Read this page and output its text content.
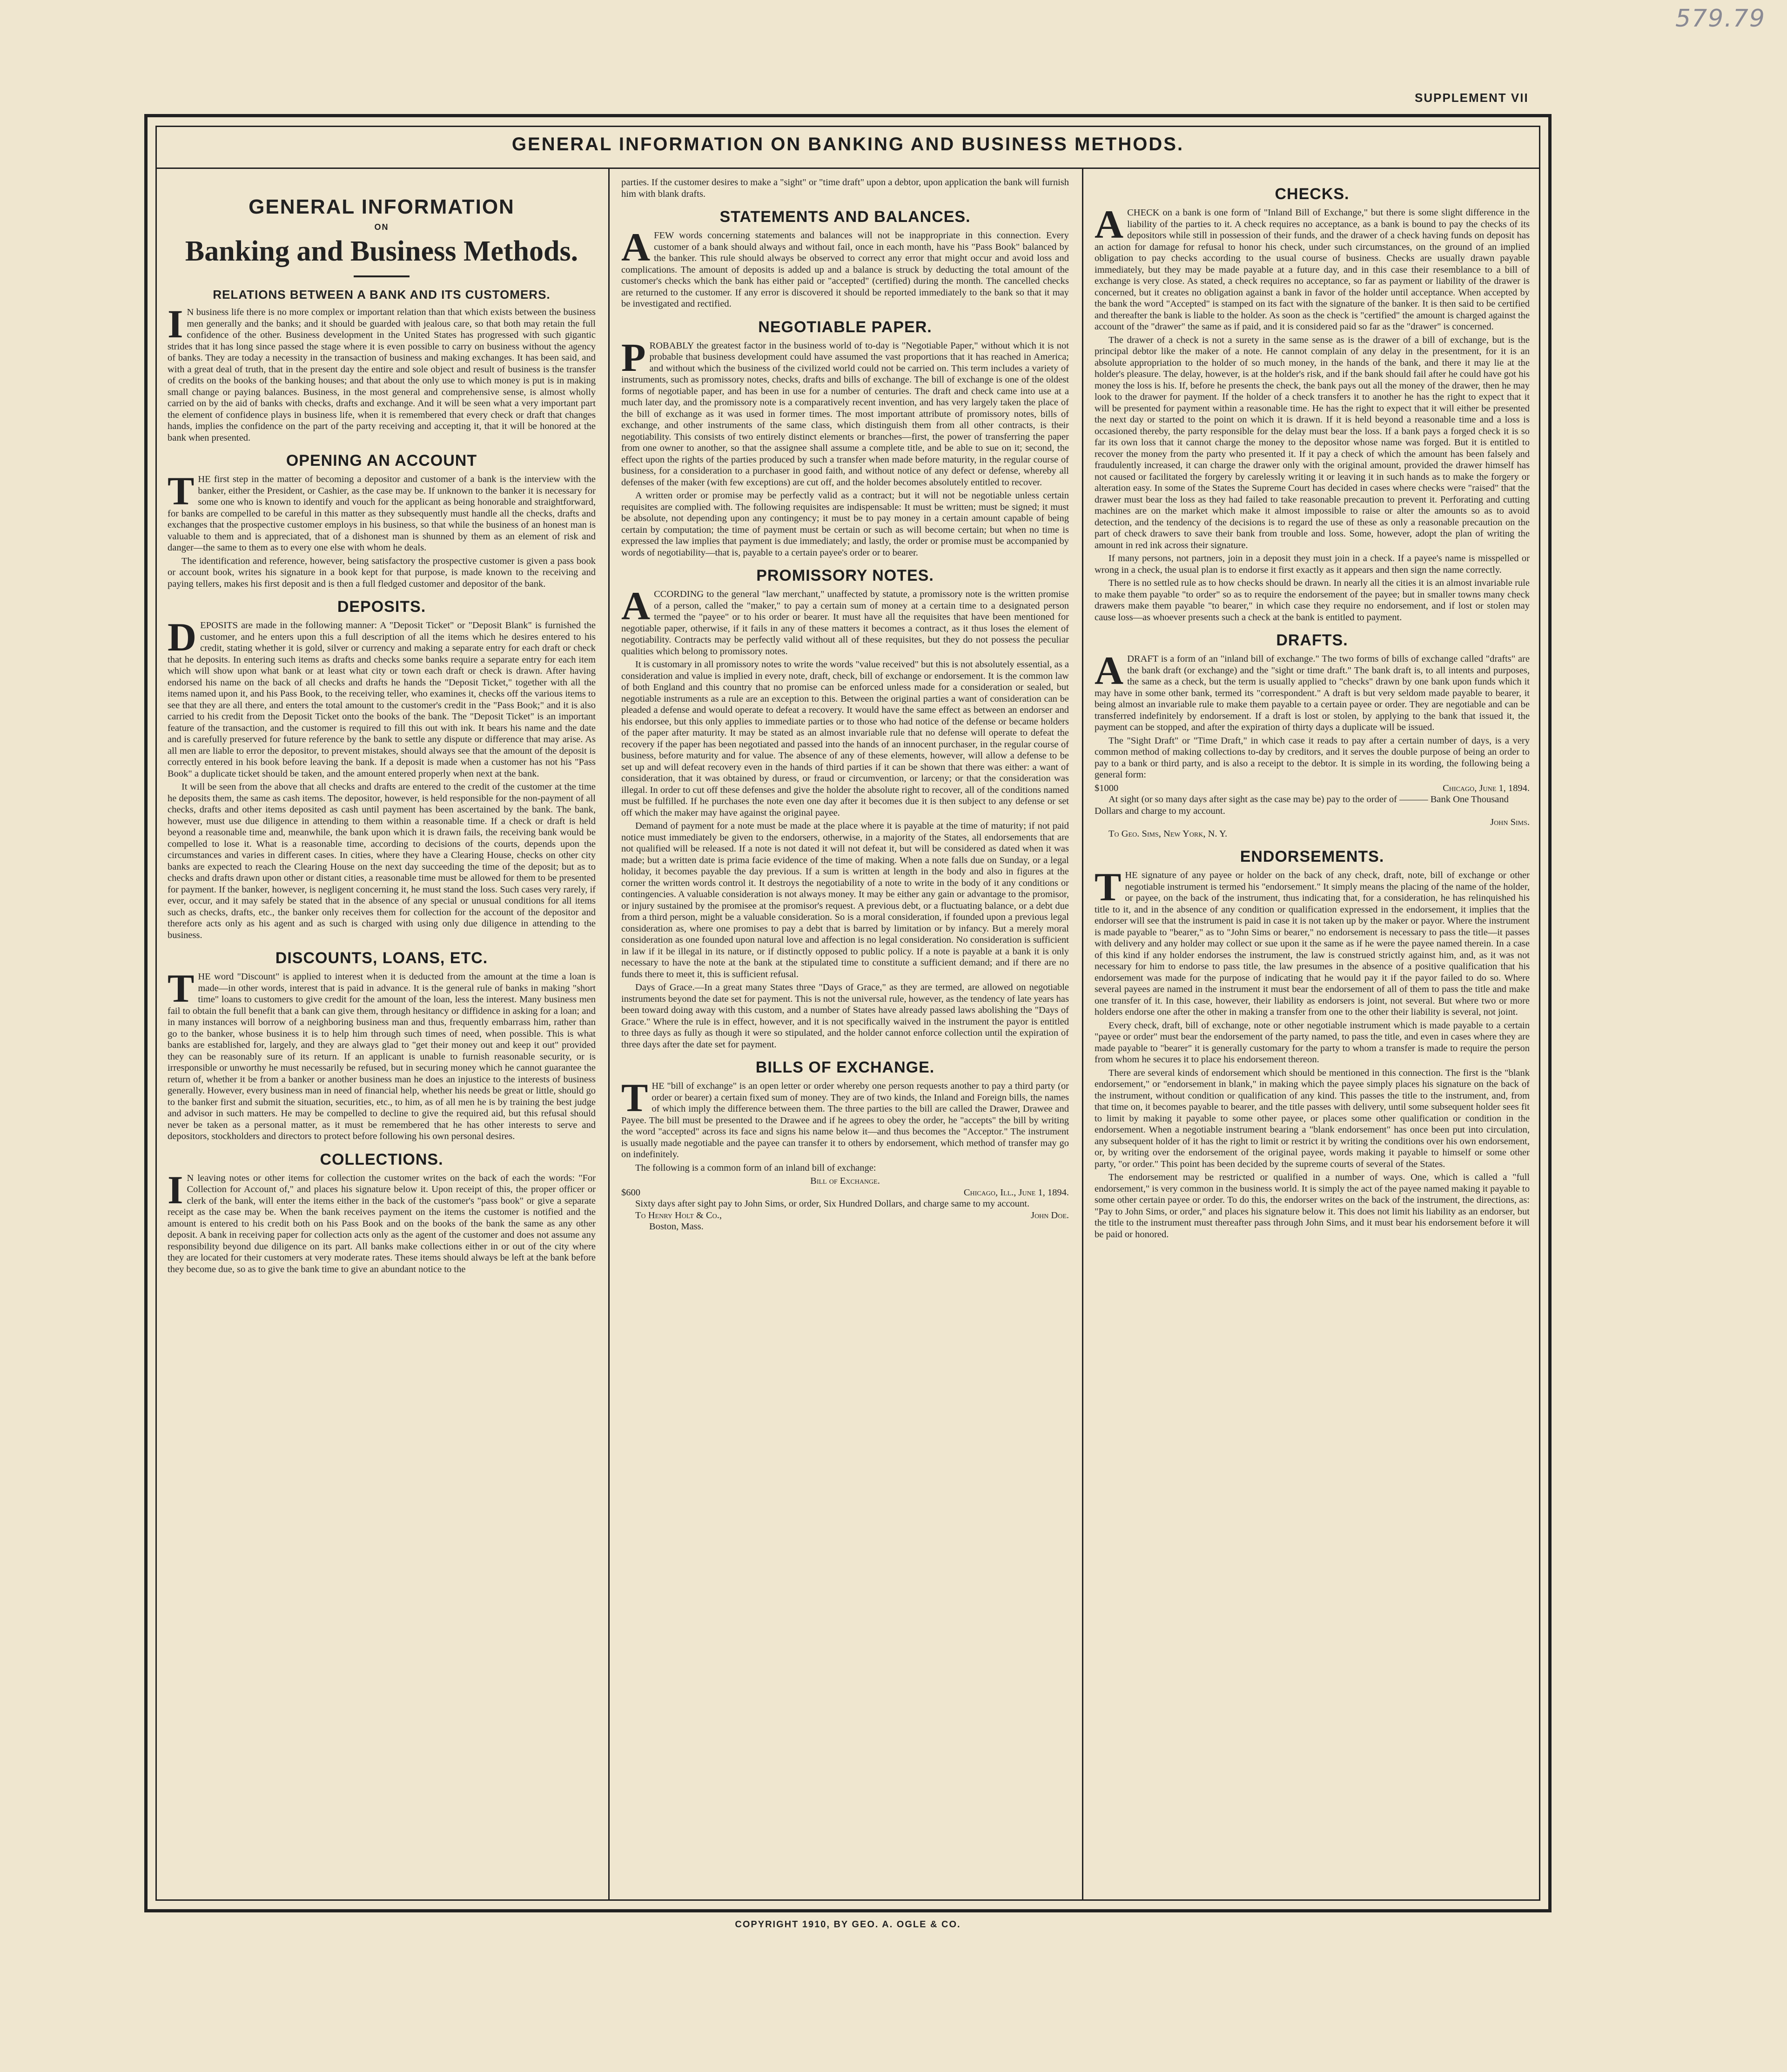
579.79
SUPPLEMENT VII
GENERAL INFORMATION ON BANKING AND BUSINESS METHODS.
GENERAL INFORMATION
ON
Banking and Business Methods.
RELATIONS BETWEEN A BANK AND ITS CUSTOMERS.
I N business life there is no more complex or important relation than that which exists between the business men generally and the banks; and it should be guarded with jealous care, so that both may retain the full confidence of the other. Business development in the United States has progressed with such gigantic strides that it has long since passed the stage where it is even possible to carry on business without the agency of banks. They are today a necessity in the transaction of business and making exchanges. It has been said, and with a great deal of truth, that in the present day the entire and sole object and result of business is the transfer of credits on the books of the banking houses; and that about the only use to which money is put is in making small change or paying balances. Business, in the most general and comprehensive sense, is almost wholly carried on by the aid of banks with checks, drafts and exchange. And it will be seen what a very important part the element of confidence plays in business life, when it is remembered that every check or draft that changes hands, implies the confidence on the part of the party receiving and accepting it, that it will be honored at the bank when presented.

OPENING AN ACCOUNT
T HE first step in the matter of becoming a depositor and customer of a bank is the interview with the banker, either the President, or Cashier, as the case may be. If unknown to the banker it is necessary for some one who is known to identify and vouch for the applicant as being honorable and straightforward, for banks are compelled to be careful in this matter as they subsequently must handle all the checks, drafts and exchanges that the prospective customer employs in his business, so that while the business of an honest man is valuable to them and is appreciated, that of a dishonest man is shunned by them as an element of risk and danger—the same to them as to every one else with whom he deals.

The identification and reference, however, being satisfactory the prospective customer is given a pass book or account book, writes his signature in a book kept for that purpose, is made known to the receiving and paying tellers, makes his first deposit and is then a full fledged customer and depositor of the bank.

DEPOSITS.
D EPOSITS are made in the following manner: A "Deposit Ticket" or "Deposit Blank" is furnished the customer, and he enters upon this a full description of all the items which he desires entered to his credit, stating whether it is gold, silver or currency and making a separate entry for each draft or check that he deposits. In entering such items as drafts and checks some banks require a separate entry for each item which will show upon what bank or at least what city or town each draft or check is drawn. After having endorsed his name on the back of all checks and drafts he hands the "Deposit Ticket," together with all the items named upon it, and his Pass Book, to the receiving teller, who examines it, checks off the various items to see that they are all there, and enters the total amount to the customer's credit in the "Pass Book;" and it is also carried to his credit from the Deposit Ticket onto the books of the bank. The "Deposit Ticket" is an important feature of the transaction, and the customer is required to fill this out with ink. It bears his name and the date and is carefully preserved for future reference by the bank to settle any dispute or difference that may arise. As all men are liable to error the depositor, to prevent mistakes, should always see that the amount of the deposit is correctly entered in his book before leaving the bank. If a deposit is made when a customer has not his "Pass Book" a duplicate ticket should be taken, and the amount entered properly when next at the bank.

It will be seen from the above that all checks and drafts are entered to the credit of the customer at the time he deposits them, the same as cash items. The depositor, however, is held responsible for the non-payment of all checks, drafts and other items deposited as cash until payment has been ascertained by the bank. The bank, however, must use due diligence in attending to them within a reasonable time. If a check or draft is held beyond a reasonable time and, meanwhile, the bank upon which it is drawn fails, the receiving bank would be compelled to lose it. What is a reasonable time, according to decisions of the courts, depends upon the circumstances and varies in different cases. In cities, where they have a Clearing House, checks on other city banks are expected to reach the Clearing House on the next day succeeding the time of the deposit; but as to checks and drafts drawn upon other or distant cities, a reasonable time must be allowed for them to be presented for payment. If the banker, however, is negligent concerning it, he must stand the loss. Such cases very rarely, if ever, occur, and it may safely be stated that in the absence of any special or unusual conditions for all items such as checks, drafts, etc., the banker only receives them for collection for the account of the depositor and therefore acts only as his agent and as such is charged with using only due diligence in attending to the business.

DISCOUNTS, LOANS, ETC.
T HE word "Discount" is applied to interest when it is deducted from the amount at the time a loan is made—in other words, interest that is paid in advance. It is the general rule of banks in making "short time" loans to customers to give credit for the amount of the loan, less the interest. Many business men fail to obtain the full benefit that a bank can give them, through hesitancy or diffidence in asking for a loan; and in many instances will borrow of a neighboring business man and thus, frequently embarrass him, rather than go to the banker, whose business it is to help him through such times of need, when possible. This is what banks are established for, largely, and they are always glad to "get their money out and keep it out" provided they can be reasonably sure of its return. If an applicant is unable to furnish reasonable security, or is irresponsible or unworthy he must necessarily be refused, but in securing money which he cannot guarantee the return of, whether it be from a banker or another business man he does an injustice to the interests of business generally. However, every business man in need of financial help, whether his needs be great or little, should go to the banker first and submit the situation, securities, etc., to him, as of all men he is by training the best judge and advisor in such matters. He may be compelled to decline to give the required aid, but this refusal should never be taken as a personal matter, as it must be remembered that he has other interests to serve and depositors, stockholders and directors to protect before following his own personal desires.

COLLECTIONS.
I N leaving notes or other items for collection the customer writes on the back of each the words: "For Collection for Account of," and places his signature below it. Upon receipt of this, the proper officer or clerk of the bank, will enter the items either in the back of the customer's "pass book" or give a separate receipt as the case may be. When the bank receives payment on the items the customer is notified and the amount is entered to his credit both on his Pass Book and on the books of the bank the same as any other deposit. A bank in receiving paper for collection acts only as the agent of the customer and does not assume any responsibility beyond due diligence on its part. All banks make collections either in or out of the city where they are located for their customers at very moderate rates. These items should always be left at the bank before they become due, so as to give the bank time to give an abundant notice to the

parties. If the customer desires to make a "sight" or "time draft" upon a debtor, upon application the bank will furnish him with blank drafts.

STATEMENTS AND BALANCES.
A FEW words concerning statements and balances will not be inappropriate in this connection. Every customer of a bank should always and without fail, once in each month, have his "Pass Book" balanced by the banker. This rule should always be observed to correct any error that might occur and avoid loss and complications. The amount of deposits is added up and a balance is struck by deducting the total amount of the customer's checks which the bank has either paid or "accepted" (certified) during the month. The cancelled checks are returned to the customer. If any error is discovered it should be reported immediately to the bank so that it may be investigated and rectified.

NEGOTIABLE PAPER.
P ROBABLY the greatest factor in the business world of to-day is "Negotiable Paper," without which it is not probable that business development could have assumed the vast proportions that it has reached in America; and without which the business of the civilized world could not be carried on. This term includes a variety of instruments, such as promissory notes, checks, drafts and bills of exchange. The bill of exchange is one of the oldest forms of negotiable paper, and has been in use for a number of centuries. The draft and check came into use at a much later day, and the promissory note is a comparatively recent invention, and has very largely taken the place of the bill of exchange as it was used in former times. The most important attribute of promissory notes, bills of exchange, and other instruments of the same class, which distinguish them from all other contracts, is their negotiability. This consists of two entirely distinct elements or branches—first, the power of transferring the paper from one owner to another, so that the assignee shall assume a complete title, and be able to sue on it; second, the effect upon the rights of the parties produced by such a transfer when made before maturity, in the regular course of business, for a consideration to a purchaser in good faith, and without notice of any defect or defense, whereby all defenses of the maker (with few exceptions) are cut off, and the holder becomes absolutely entitled to recover.

A written order or promise may be perfectly valid as a contract; but it will not be negotiable unless certain requisites are complied with. The following requisites are indispensable: It must be written; must be signed; it must be absolute, not depending upon any contingency; it must be to pay money in a certain amount capable of being certain by computation; the time of payment must be certain or such as will become certain; but when no time is expressed the law implies that payment is due immediately; and lastly, the order or promise must be accompanied by words of negotiability—that is, payable to a certain payee's order or to bearer.

PROMISSORY NOTES.
A CCORDING to the general "law merchant," unaffected by statute, a promissory note is the written promise of a person, called the "maker," to pay a certain sum of money at a certain time to a designated person termed the "payee" or to his order or bearer. It must have all the requisites that have been mentioned for negotiable paper, otherwise, if it fails in any of these matters it becomes a contract, as it thus loses the element of negotiability. Contracts may be perfectly valid without all of these requisites, but they do not possess the peculiar qualities which belong to promissory notes.

It is customary in all promissory notes to write the words "value received" but this is not absolutely essential, as a consideration and value is implied in every note, draft, check, bill of exchange or endorsement. It is the common law of both England and this country that no promise can be enforced unless made for a consideration or sealed, but negotiable instruments as a rule are an exception to this. Between the original parties a want of consideration can be pleaded a defense and would operate to defeat a recovery. It would have the same effect as between an endorser and his endorsee, but this only applies to immediate parties or to those who had notice of the defense or became holders of the paper after maturity. It may be stated as an almost invariable rule that no defense will operate to defeat the recovery if the paper has been negotiated and passed into the hands of an innocent purchaser, in the regular course of business, before maturity and for value. The absence of any of these elements, however, will allow a defense to be set up and will defeat recovery even in the hands of third parties if it can be shown that there was either: a want of consideration, that it was obtained by duress, or fraud or circumvention, or larceny; or that the consideration was illegal. In order to cut off these defenses and give the holder the absolute right to recover, all of the conditions named must be fulfilled. If he purchases the note even one day after it becomes due it is then subject to any defense or set off which the maker may have against the original payee.

Demand of payment for a note must be made at the place where it is payable at the time of maturity; if not paid notice must immediately be given to the endorsers, otherwise, in a majority of the States, all endorsements that are not qualified will be released. If a note is not dated it will not defeat it, but will be considered as dated when it was made; but a written date is prima facie evidence of the time of making. When a note falls due on Sunday, or a legal holiday, it becomes payable the day previous. If a sum is written at length in the body and also in figures at the corner the written words control it. It destroys the negotiability of a note to write in the body of it any conditions or contingencies. A valuable consideration is not always money. It may be either any gain or advantage to the promisor, or injury sustained by the promisee at the promisor's request. A previous debt, or a fluctuating balance, or a debt due from a third person, might be a valuable consideration. So is a moral consideration, if founded upon a previous legal consideration as, where one promises to pay a debt that is barred by limitation or by infancy. But a merely moral consideration as one founded upon natural love and affection is no legal consideration. No consideration is sufficient in law if it be illegal in its nature, or if distinctly opposed to public policy. If a note is payable at a bank it is only necessary to have the note at the bank at the stipulated time to constitute a sufficient demand; and if there are no funds there to meet it, this is sufficient refusal.

Days of Grace.—In a great many States three "Days of Grace," as they are termed, are allowed on negotiable instruments beyond the date set for payment. This is not the universal rule, however, as the tendency of late years has been toward doing away with this custom, and a number of States have already passed laws abolishing the "Days of Grace." Where the rule is in effect, however, and it is not specifically waived in the instrument the payor is entitled to three days as fully as though it were so stipulated, and the holder cannot enforce collection until the expiration of three days after the date set for payment.

BILLS OF EXCHANGE.
T HE "bill of exchange" is an open letter or order whereby one person requests another to pay a third party (or order or bearer) a certain fixed sum of money. They are of two kinds, the Inland and Foreign bills, the names of which imply the difference between them. The three parties to the bill are called the Drawer, Drawee and Payee. The bill must be presented to the Drawee and if he agrees to obey the order, he "accepts" the bill by writing the word "accepted" across its face and signs his name below it—and thus becomes the "Acceptor." The instrument is usually made negotiable and the payee can transfer it to others by endorsement, which method of transfer may go on indefinitely.

The following is a common form of an inland bill of exchange:

Bill of Exchange.
$600	Chicago, Ill., June 1, 1894.
Sixty days after sight pay to John Sims, or order, Six Hundred Dollars, and charge same to my account.
To Henry Holt & Co.,	John Doe.
Boston, Mass.
CHECKS.
A CHECK on a bank is one form of "Inland Bill of Exchange," but there is some slight difference in the liability of the parties to it. A check requires no acceptance, as a bank is bound to pay the checks of its depositors while still in possession of their funds, and the drawer of a check having funds on deposit has an action for damage for refusal to honor his check, under such circumstances, on the ground of an implied obligation to pay checks according to the usual course of business. Checks are usually drawn payable immediately, but they may be made payable at a future day, and in this case their resemblance to a bill of exchange is very close. As stated, a check requires no acceptance, so far as payment or liability of the drawer is concerned, but it creates no obligation against a bank in favor of the holder until acceptance. When accepted by the bank the word "Accepted" is stamped on its fact with the signature of the banker. It is then said to be certified and thereafter the bank is liable to the holder. As soon as the check is "certified" the amount is charged against the account of the "drawer" the same as if paid, and it is considered paid so far as the "drawer" is concerned.

The drawer of a check is not a surety in the same sense as is the drawer of a bill of exchange, but is the principal debtor like the maker of a note. He cannot complain of any delay in the presentment, for it is an absolute appropriation to the holder of so much money, in the hands of the bank, and there it may lie at the holder's pleasure. The delay, however, is at the holder's risk, and if the bank should fail after he could have got his money the loss is his. If, before he presents the check, the bank pays out all the money of the drawer, then he may look to the drawer for payment. If the holder of a check transfers it to another he has the right to expect that it will be presented for payment within a reasonable time. He has the right to expect that it will either be presented the next day or started to the point on which it is drawn. If it is held beyond a reasonable time and a loss is occasioned thereby, the party responsible for the delay must bear the loss. If a bank pays a forged check it is so far its own loss that it cannot charge the money to the depositor whose name was forged. But it is entitled to recover the money from the party who presented it. If it pay a check of which the amount has been falsely and fraudulently increased, it can charge the drawer only with the original amount, provided the drawer himself has not caused or facilitated the forgery by carelessly writing it or leaving it in such hands as to make the forgery or alteration easy. In some of the States the Supreme Court has decided in cases where checks were "raised" that the drawer must bear the loss as they had failed to take reasonable precaution to prevent it. Perforating and cutting machines are on the market which make it almost impossible to raise or alter the amounts so as to avoid detection, and the tendency of the decisions is to regard the use of these as only a reasonable precaution on the part of check drawers to save their bank from trouble and loss. Some, however, adopt the plan of writing the amount in red ink across their signature.

If many persons, not partners, join in a deposit they must join in a check. If a payee's name is misspelled or wrong in a check, the usual plan is to endorse it first exactly as it appears and then sign the name correctly.

There is no settled rule as to how checks should be drawn. In nearly all the cities it is an almost invariable rule to make them payable "to order" so as to require the endorsement of the payee; but in smaller towns many check drawers make them payable "to bearer," in which case they require no endorsement, and if lost or stolen may cause loss—as whoever presents such a check at the bank is entitled to payment.

DRAFTS.
A DRAFT is a form of an "inland bill of exchange." The two forms of bills of exchange called "drafts" are the bank draft (or exchange) and the "sight or time draft." The bank draft is, to all intents and purposes, the same as a check, but the term is usually applied to "checks" drawn by one bank upon funds which it may have in some other bank, termed its "correspondent." A draft is but very seldom made payable to bearer, it being almost an invariable rule to make them payable to a certain payee or order. They are negotiable and can be transferred indefinitely by endorsement. If a draft is lost or stolen, by applying to the bank that issued it, the payment can be stopped, and after the expiration of thirty days a duplicate will be issued.

The "Sight Draft" or "Time Draft," in which case it reads to pay after a certain number of days, is a very common method of making collections to-day by creditors, and it serves the double purpose of being an order to pay to a bank or third party, and is also a receipt to the debtor. It is simple in its wording, the following being a general form:

$1000	Chicago, June 1, 1894.
At sight (or so many days after sight as the case may be) pay to the order of ——— Bank One Thousand Dollars and charge to my account.
John Sims.
To Geo. Sims, New York, N. Y.
ENDORSEMENTS.
T HE signature of any payee or holder on the back of any check, draft, note, bill of exchange or other negotiable instrument is termed his "endorsement." It simply means the placing of the name of the holder, or payee, on the back of the instrument, thus indicating that, for a consideration, he has relinquished his title to it, and in the absence of any condition or qualification expressed in the endorsement, it implies that the endorser will see that the instrument is paid in case it is not taken up by the maker or payor. Where the instrument is made payable to "bearer," as to "John Sims or bearer," no endorsement is necessary to pass the title—it passes with delivery and any holder may collect or sue upon it the same as if he were the payee named therein. In a case of this kind if any holder endorses the instrument, the law is construed strictly against him, and, as it was not necessary for him to endorse to pass title, the law presumes in the absence of a positive qualification that his endorsement was made for the purpose of indicating that he would pay it if the payor failed to do so. Where several payees are named in the instrument it must bear the endorsement of all of them to pass the title and make one transfer of it. In this case, however, their liability as endorsers is joint, not several. But where two or more holders endorse one after the other in making a transfer from one to the other their liability is several, not joint.

Every check, draft, bill of exchange, note or other negotiable instrument which is made payable to a certain "payee or order" must bear the endorsement of the party named, to pass the title, and even in cases where they are made payable to "bearer" it is generally customary for the party to whom a transfer is made to require the person from whom he secures it to place his endorsement thereon.

There are several kinds of endorsement which should be mentioned in this connection. The first is the "blank endorsement," or "endorsement in blank," in making which the payee simply places his signature on the back of the instrument, without condition or qualification of any kind. This passes the title to the instrument, and, from that time on, it becomes payable to bearer, and the title passes with delivery, until some subsequent holder sees fit to limit by making it payable to some other payee, or places some other qualification or condition in the endorsement. When a negotiable instrument bearing a "blank endorsement" has once been put into circulation, any subsequent holder of it has the right to limit or restrict it by writing the conditions over his own endorsement, or, by writing over the endorsement of the original payee, words making it payable to himself or some other party, "or order." This point has been decided by the supreme courts of several of the States.

The endorsement may be restricted or qualified in a number of ways. One, which is called a "full endorsement," is very common in the business world. It is simply the act of the payee named making it payable to some other certain payee or order. To do this, the endorser writes on the back of the instrument, the directions, as: "Pay to John Sims, or order," and places his signature below it. This does not limit his liability as an endorser, but the title to the instrument must thereafter pass through John Sims, and it must bear his endorsement before it will be paid or honored.

COPYRIGHT 1910, BY GEO. A. OGLE & CO.
